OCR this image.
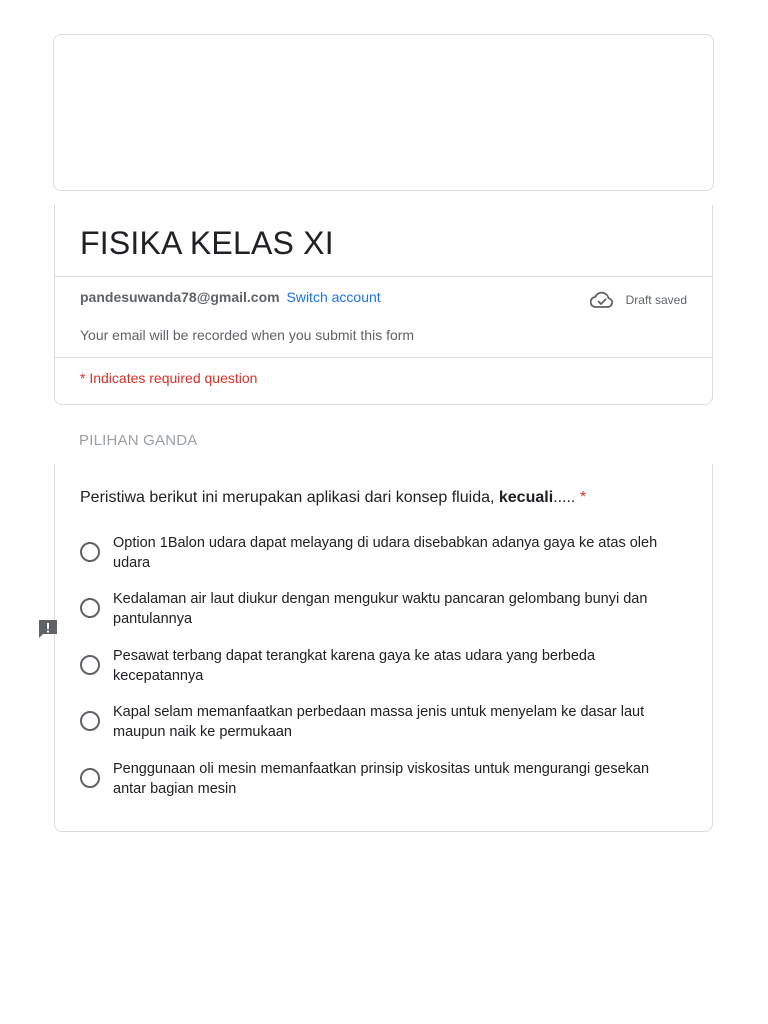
FISIKA KELAS XI
pandesuwanda78@gmail.com Switch account	Draft saved
Your email will be recorded when you submit this form
* Indicates required question
PILIHAN GANDA
Peristiwa berikut ini merupakan aplikasi dari konsep fluida, kecuali..... *
Option 1Balon udara dapat melayang di udara disebabkan adanya gaya ke atas oleh udara
Kedalaman air laut diukur dengan mengukur waktu pancaran gelombang bunyi dan pantulannya
Pesawat terbang dapat terangkat karena gaya ke atas udara yang berbeda kecepatannya
Kapal selam memanfaatkan perbedaan massa jenis untuk menyelam ke dasar laut maupun naik ke permukaan
Penggunaan oli mesin memanfaatkan prinsip viskositas untuk mengurangi gesekan antar bagian mesin
